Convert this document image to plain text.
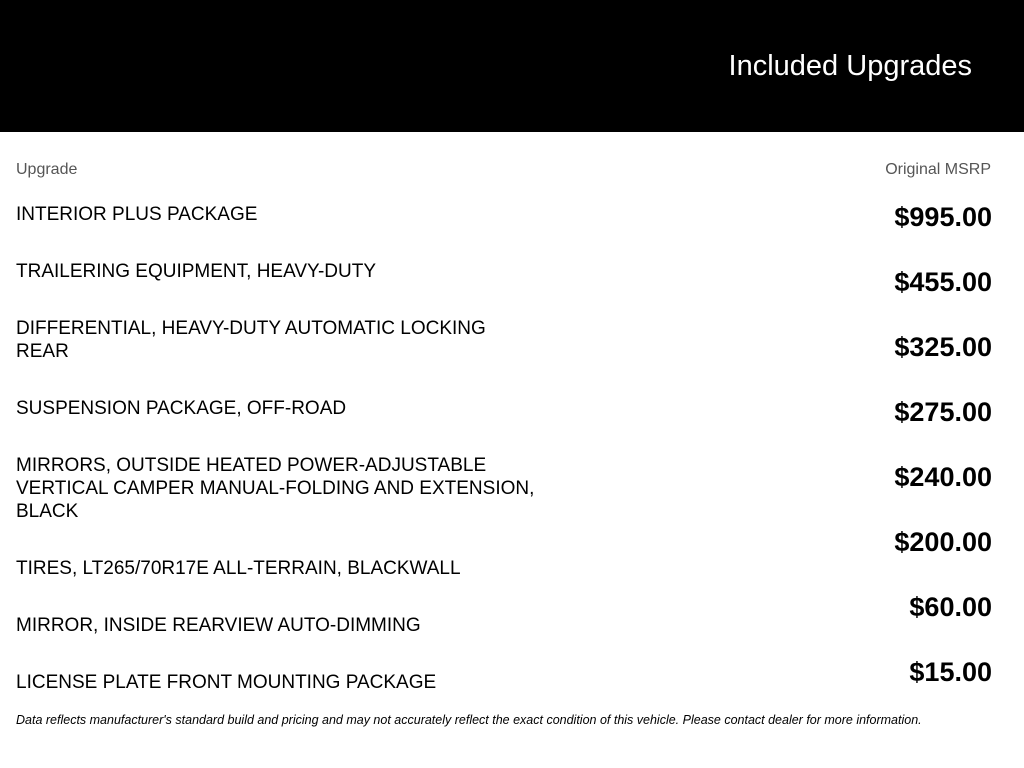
Included Upgrades
Upgrade	Original MSRP
INTERIOR PLUS PACKAGE
TRAILERING EQUIPMENT, HEAVY-DUTY
DIFFERENTIAL, HEAVY-DUTY AUTOMATIC LOCKING REAR
SUSPENSION PACKAGE, OFF-ROAD
MIRRORS, OUTSIDE HEATED POWER-ADJUSTABLE VERTICAL CAMPER MANUAL-FOLDING AND EXTENSION, BLACK
TIRES, LT265/70R17E ALL-TERRAIN, BLACKWALL
MIRROR, INSIDE REARVIEW AUTO-DIMMING
LICENSE PLATE FRONT MOUNTING PACKAGE
$995.00
$455.00
$325.00
$275.00
$240.00
$200.00
$60.00
$15.00
Data reflects manufacturer's standard build and pricing and may not accurately reflect the exact condition of this vehicle. Please contact dealer for more information.
